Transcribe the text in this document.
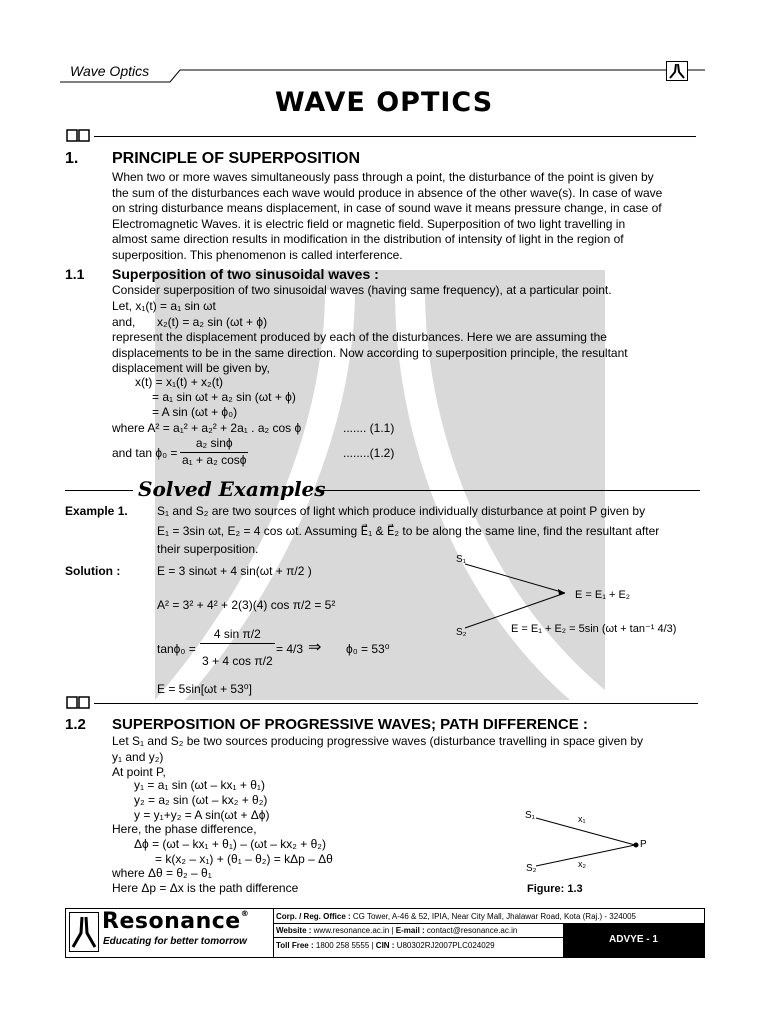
Wave Optics
WAVE OPTICS
1. PRINCIPLE OF SUPERPOSITION
When two or more waves simultaneously pass through a point, the disturbance of the point is given by
the sum of the disturbances each wave would produce in absence of the other wave(s). In case of wave
on string disturbance means displacement, in case of sound wave it means pressure change, in case of
Electromagnetic Waves. it is electric field or magnetic field. Superposition of two light travelling in
almost same direction results in modification in the distribution of intensity of light in the region of
superposition. This phenomenon is called interference.
1.1 Superposition of two sinusoidal waves :
Consider superposition of two sinusoidal waves (having same frequency), at a particular point.
Let, x₁(t) = a₁ sin ωt
and, x₂(t) = a₂ sin (ωt + ϕ)
represent the displacement produced by each of the disturbances. Here we are assuming the
displacements to be in the same direction. Now according to superposition principle, the resultant
displacement will be given by,
x(t) = x₁(t) + x₂(t)
= a₁ sin ωt + a₂ sin (ωt + ϕ)
= A sin (ωt + ϕ₀)
where A² = a₁² + a₂² + 2a₁ . a₂ cos ϕ	....... (1.1)
and $\tan \phi_0 = \frac{\text{a₂ sinϕ}}{\text{a₁ + a₂ cosϕ}}$	........(1.2)
Solved Examples
Example 1. S₁ and S₂ are two sources of light which produce individually disturbance at point P given by
E₁ = 3sin ωt, E₂ = 4 cos ωt. Assuming E⃗₁ & E⃗₂ to be along the same line, find the resultant after
their superposition.
Solution :	E = 3 sinωt + 4 sin(ωt + π/2 )
A² = 3² + 4² + 2(3)(4) cos π/2 = 5²
$\tan\phi_0 = \frac{\text{4 sin π/2}}{\text{3 + 4 cos π/2}} = 4/3$ ⇒ ϕ₀ = 53⁰
E = 5sin[ωt + 53⁰]
S₁
S₂
E = E₁ + E₂
E = E₁ + E₂ = 5sin (ωt + tan⁻¹ 4/3)
1.2 SUPERPOSITION OF PROGRESSIVE WAVES; PATH DIFFERENCE :
Let S₁ and S₂ be two sources producing progressive waves (disturbance travelling in space given by
y₁ and y₂)
At point P,
y₁ = a₁ sin (ωt – kx₁ + θ₁)
y₂ = a₂ sin (ωt – kx₂ + θ₂)
y = y₁+y₂ = A sin(ωt + Δϕ)
Here, the phase difference,
Δϕ = (ωt – kx₁ + θ₁) – (ωt – kx₂ + θ₂)
= k(x₂ – x₁) + (θ₁ – θ₂) = kΔp – Δθ
where Δθ = θ₂ – θ₁
Here Δp = Δx is the path difference
S₁
S₂
x₁
x₂
P
Figure: 1.3
Resonance®
Educating for better tomorrow
Corp. / Reg. Office : CG Tower, A-46 & 52, IPIA, Near City Mall, Jhalawar Road, Kota (Raj.) - 324005
Website : www.resonance.ac.in | E-mail : contact@resonance.ac.in
Toll Free : 1800 258 5555 | CIN : U80302RJ2007PLC024029
ADVYE - 1
